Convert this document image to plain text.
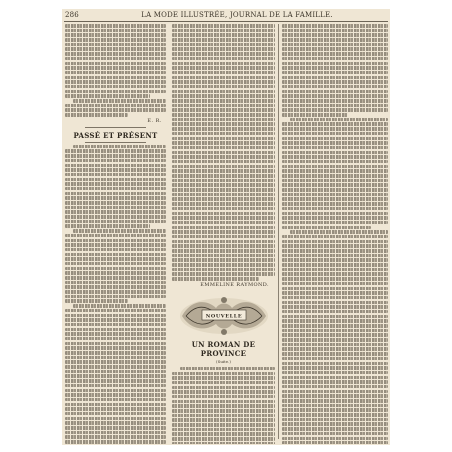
286	LA MODE ILLUSTRÉE, JOURNAL DE LA FAMILLE.
E. R.
PASSÉ ET PRÉSENT
EMMELINE RAYMOND.
NOUVELLE
UN ROMAN DE PROVINCE
(Suite.)
